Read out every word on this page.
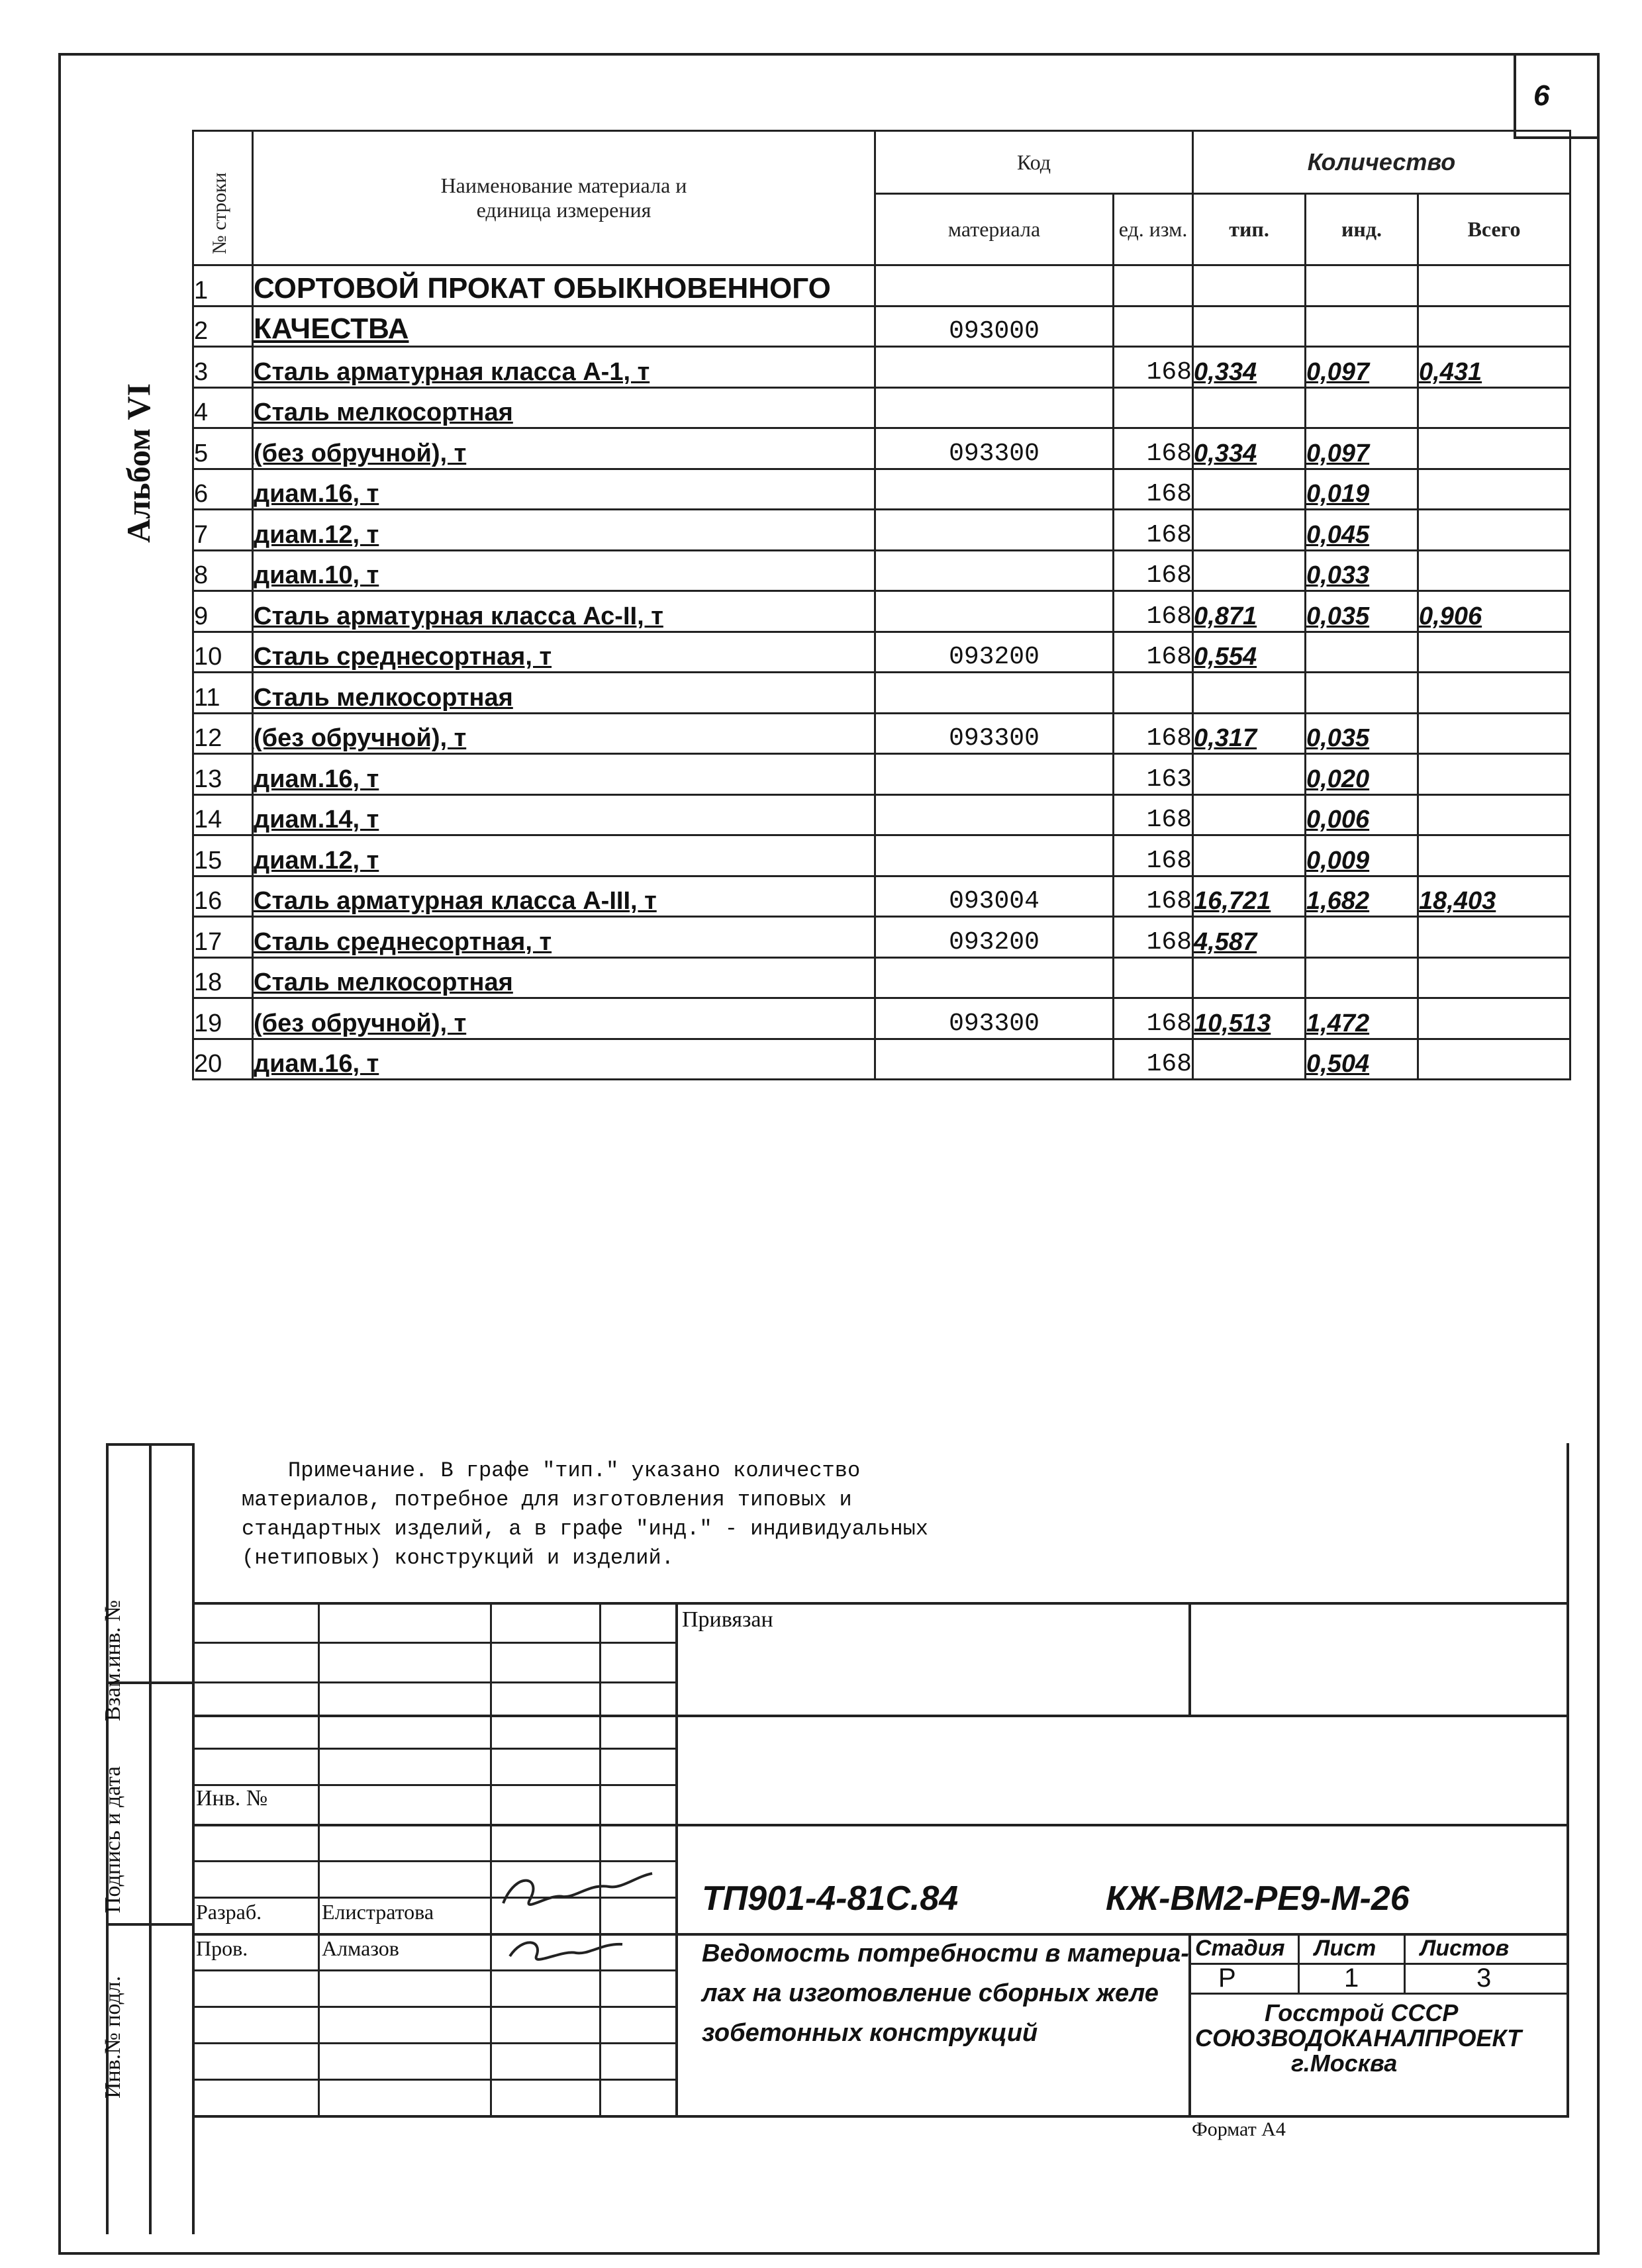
6
Альбом VI
№ строки	Наименование материала и единица измерения	Код		Количество		
		материала	ед. изм.	тип.	инд.	Всего
1	СОРТОВОЙ ПРОКАТ ОБЫКНОВЕННОГО					
2	КАЧЕСТВА	093000				
3	Сталь арматурная класса А-1, т		168	0,334	0,097	0,431
4	Сталь мелкосортная					
5	(без обручной), т	093300	168	0,334	0,097	
6	диам.16, т		168		0,019	
7	диам.12, т		168		0,045	
8	диам.10, т		168		0,033	
9	Сталь арматурная класса Ас-II, т		168	0,871	0,035	0,906
10	Сталь среднесортная, т	093200	168	0,554		
11	Сталь мелкосортная					
12	(без обручной), т	093300	168	0,317	0,035	
13	диам.16, т		163		0,020	
14	диам.14, т		168		0,006	
15	диам.12, т		168		0,009	
16	Сталь арматурная класса А-III, т	093004	168	16,721	1,682	18,403
17	Сталь среднесортная, т	093200	168	4,587		
18	Сталь мелкосортная					
19	(без обручной), т	093300	168	10,513	1,472	
20	диам.16, т		168		0,504	

Примечание. В графе "тип." указано количество

материалов, потребное для изготовления типовых и

стандартных изделий, а в графе "инд." - индивидуальных

(нетиповых) конструкций и изделий.

Взам.инв. №
Подпись и дата
Инв.№ подл.
Привязан
Инв. №
Разраб.	Елистратова
Пров.	Алмазов
ТП901-4-81С.84	КЖ-ВМ2-РЕ9-М-26
Ведомость потребности в материа-
лах на изготовление сборных желе
зобетонных конструкций
Стадия Лист Листов
Р	1	3
Госстрой СССР
СОЮЗВОДОКАНАЛПРОЕКТ
г.Москва
Формат А4
